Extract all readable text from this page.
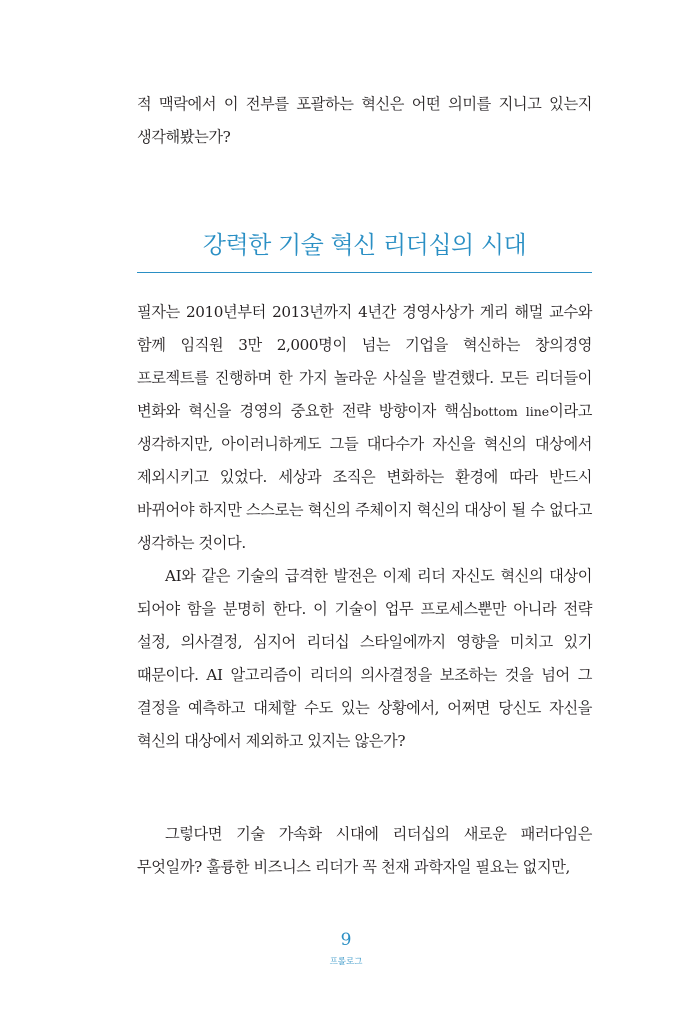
적 맥락에서 이 전부를 포괄하는 혁신은 어떤 의미를 지니고 있는지 생각해봤는가?

강력한 기술 혁신 리더십의 시대

필자는 2010년부터 2013년까지 4년간 경영사상가 게리 해멀 교수와 함께 임직원 3만 2,000명이 넘는 기업을 혁신하는 창의경영 프로젝트를 진행하며 한 가지 놀라운 사실을 발견했다. 모든 리더들이 변화와 혁신을 경영의 중요한 전략 방향이자 핵심bottom line이라고 생각하지만, 아이러니하게도 그들 대다수가 자신을 혁신의 대상에서 제외시키고 있었다. 세상과 조직은 변화하는 환경에 따라 반드시 바뀌어야 하지만 스스로는 혁신의 주체이지 혁신의 대상이 될 수 없다고 생각하는 것이다.

AI와 같은 기술의 급격한 발전은 이제 리더 자신도 혁신의 대상이 되어야 함을 분명히 한다. 이 기술이 업무 프로세스뿐만 아니라 전략 설정, 의사결정, 심지어 리더십 스타일에까지 영향을 미치고 있기 때문이다. AI 알고리즘이 리더의 의사결정을 보조하는 것을 넘어 그 결정을 예측하고 대체할 수도 있는 상황에서, 어쩌면 당신도 자신을 혁신의 대상에서 제외하고 있지는 않은가?

그렇다면 기술 가속화 시대에 리더십의 새로운 패러다임은 무엇일까? 훌륭한 비즈니스 리더가 꼭 천재 과학자일 필요는 없지만,

9
프롤로그
